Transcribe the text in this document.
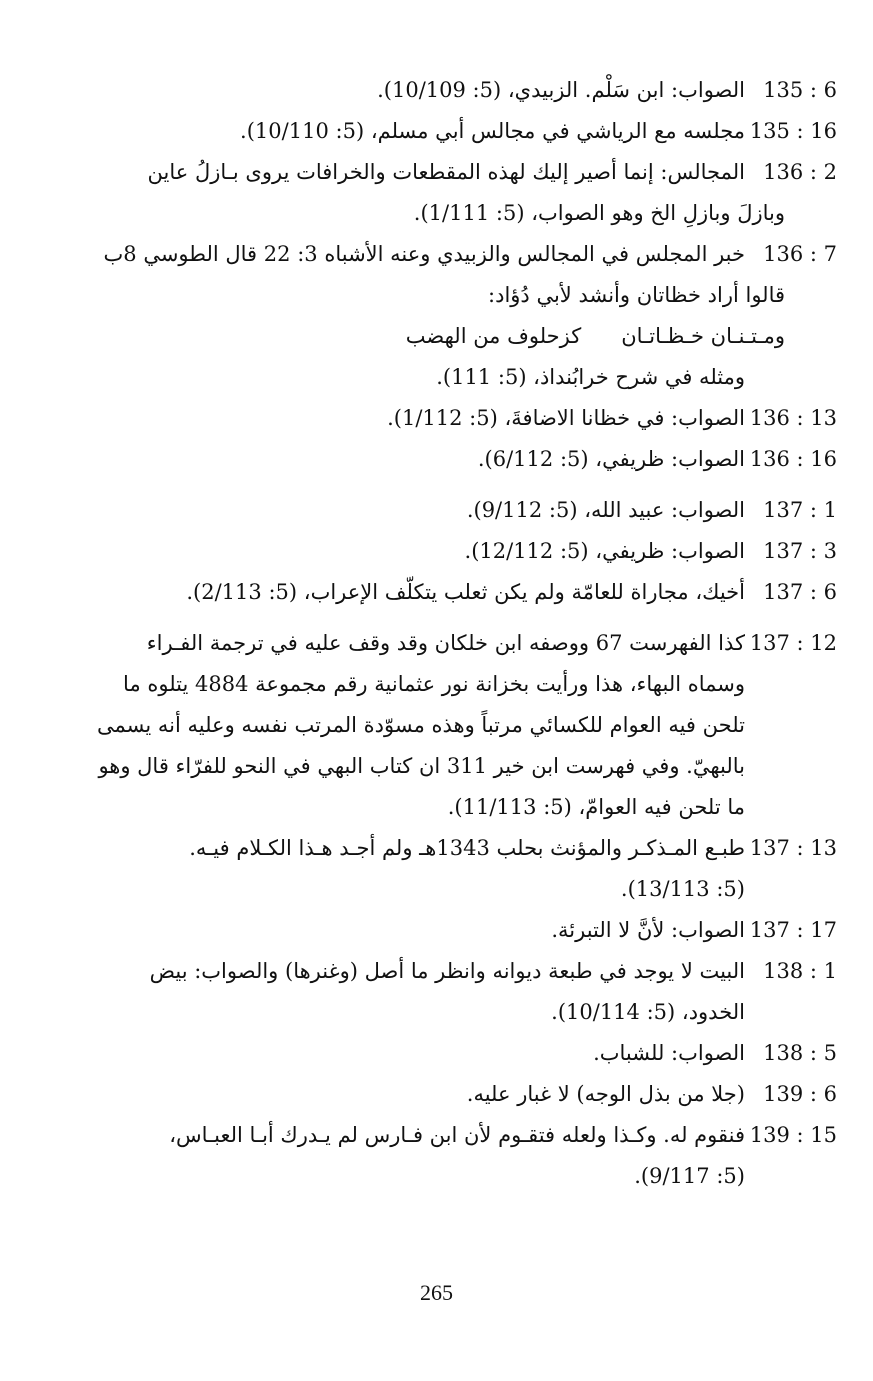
135 : 6
الصواب: ابن سَلْم. الزبيدي، (5: 10/109).
135 : 16
مجلسه مع الرياشي في مجالس أبي مسلم، (5: 10/110).
136 : 2
المجالس: إنما أصير إليك لهذه المقطعات والخرافات يروى بـازلُ عاين
وبازلَ وبازلِ الخ وهو الصواب، (5: 1/111).
136 : 7
خبر المجلس في المجالس والزبيدي وعنه الأشباه 3: 22 قال الطوسي 8ب
قالوا أراد خظاتان وأنشد لأبي دُؤاد:
ومـتـنـان خـظـاتـان
كزحلوف من الهضب
ومثله في شرح خرابُنداذ، (5: 111).
136 : 13
الصواب: في خظانا الاضافةَ، (5: 1/112).
136 : 16
الصواب: ظريفي، (5: 6/112).
137 : 1
الصواب: عبيد الله، (5: 9/112).
137 : 3
الصواب: ظريفي، (5: 12/112).
137 : 6
أخيك، مجاراة للعامّة ولم يكن ثعلب يتكلّف الإعراب، (5: 2/113).
137 : 12
كذا الفهرست 67 ووصفه ابن خلكان وقد وقف عليه في ترجمة الفـراء
وسماه البهاء، هذا ورأيت بخزانة نور عثمانية رقم مجموعة 4884 يتلوه ما
تلحن فيه العوام للكسائي مرتباً وهذه مسوّدة المرتب نفسه وعليه أنه يسمى
بالبهيّ. وفي فهرست ابن خير 311 ان كتاب البهي في النحو للفرّاء قال وهو
ما تلحن فيه العوامّ، (5: 11/113).
137 : 13
طبـع المـذكـر والمؤنث بحلب 1343هـ ولم أجـد هـذا الكـلام فيـه.
(5: 13/113).
137 : 17
الصواب: لأنَّ لا التبرئة.
138 : 1
البيت لا يوجد في طبعة ديوانه وانظر ما أصل (وغنرها) والصواب: بيض
الخدود، (5: 10/114).
138 : 5
الصواب: للشباب.
139 : 6
(جلا من بذل الوجه) لا غبار عليه.
139 : 15
فنقوم له. وكـذا ولعله فتقـوم لأن ابن فـارس لم يـدرك أبـا العبـاس،
(5: 9/117).
265
